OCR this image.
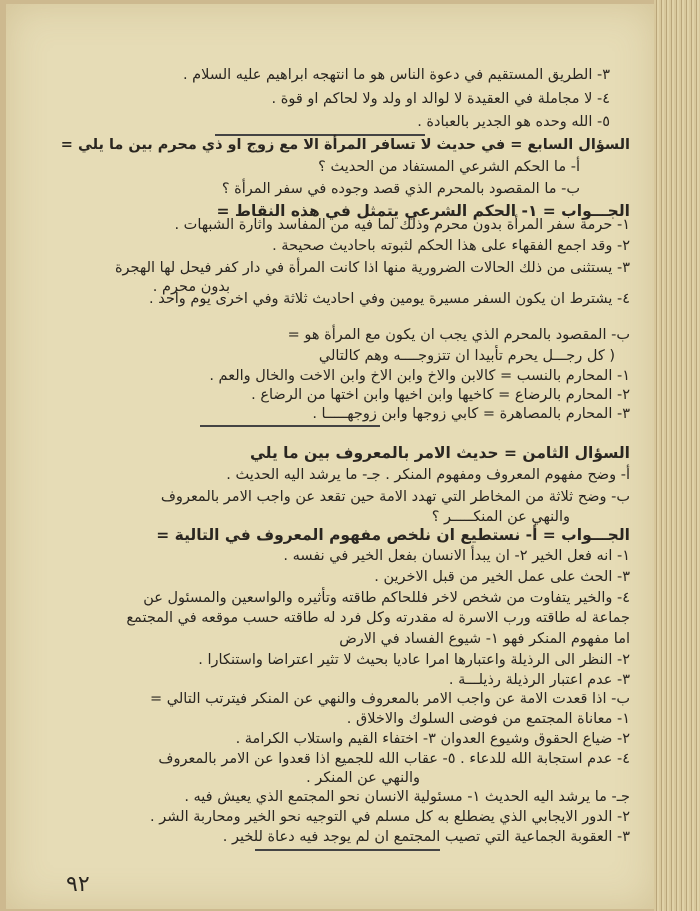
٣- الطريق المستقيم في دعوة الناس هو ما انتهجه ابراهيم عليه السلام .
٤- لا مجاملة في العقيدة لا لوالد او ولد ولا لحاكم او قوة .
٥- الله وحده هو الجدير بالعبادة .
السؤال السابع = في حديث لا تسافر المرأة الا مع زوج او ذي محرم بين ما يلي =
أ- ما الحكم الشرعي المستفاد من الحديث ؟
ب- ما المقصود بالمحرم الذي قصد وجوده في سفر المرأة ؟
الجـــواب = ١- الحكم الشرعي يتمثل في هذه النقاط =
١- حرمة سفر المرأة بدون محرم وذلك لما فيه من المفاسد واثارة الشبهات .
٢- وقد اجمع الفقهاء على هذا الحكم لثبوته باحاديث صحيحة .
٣- يستثنى من ذلك الحالات الضرورية منها اذا كانت المرأة في دار كفر فيحل لها الهجرة
بدون محرم .
٤- يشترط ان يكون السفر مسيرة يومين وفي احاديث ثلاثة وفي اخرى يوم واحد .
ب- المقصود بالمحرم الذي يجب ان يكون مع المرأة هو =
( كل رجـــل يحرم تأبيدا ان تتزوجــــه وهم كالتالي
١- المحارم بالنسب = كالابن والاخ وابن الاخ وابن الاخت والخال والعم .
٢- المحارم بالرضاع = كاخيها وابن اخيها وابن اختها من الرضاع .
٣- المحارم بالمصاهرة = كابي زوجها وابن زوجهـــــا .
السؤال الثامن = حديث الامر بالمعروف بين ما يلي
أ- وضح مفهوم المعروف ومفهوم المنكر . جـ- ما يرشد اليه الحديث .
ب- وضح ثلاثة من المخاطر التي تهدد الامة حين تقعد عن واجب الامر بالمعروف
والنهي عن المنكـــــر ؟
الجـــواب = أ- نستطيع ان نلخص مفهوم المعروف في التالية =
١- انه فعل الخير ٢- ان يبدأ الانسان بفعل الخير في نفسه .
٣- الحث على عمل الخير من قبل الاخرين .
٤- والخير يتفاوت من شخص لاخر فللحاكم طاقته وتأثيره والواسعين والمسئول عن
جماعة له طاقته ورب الاسرة له مقدرته وكل فرد له طاقته حسب موقعه في المجتمع
اما مفهوم المنكر فهو ١- شيوع الفساد في الارض
٢- النظر الى الرذيلة واعتبارها امرا عاديا بحيث لا تثير اعتراضا واستنكارا .
٣- عدم اعتبار الرذيلة رذيلـــة .
ب- اذا قعدت الامة عن واجب الامر بالمعروف والنهي عن المنكر فيترتب التالي =
١- معاناة المجتمع من فوضى السلوك والاخلاق .
٢- ضياع الحقوق وشيوع العدوان ٣- اختفاء القيم واستلاب الكرامة .
٤- عدم استجابة الله للدعاء . ٥- عقاب الله للجميع اذا قعدوا عن الامر بالمعروف
والنهي عن المنكر .
جـ- ما يرشد اليه الحديث ١- مسئولية الانسان نحو المجتمع الذي يعيش فيه .
٢- الدور الايجابي الذي يضطلع به كل مسلم في التوجيه نحو الخير ومحاربة الشر .
٣- العقوبة الجماعية التي تصيب المجتمع ان لم يوجد فيه دعاة للخير .
٩٢
